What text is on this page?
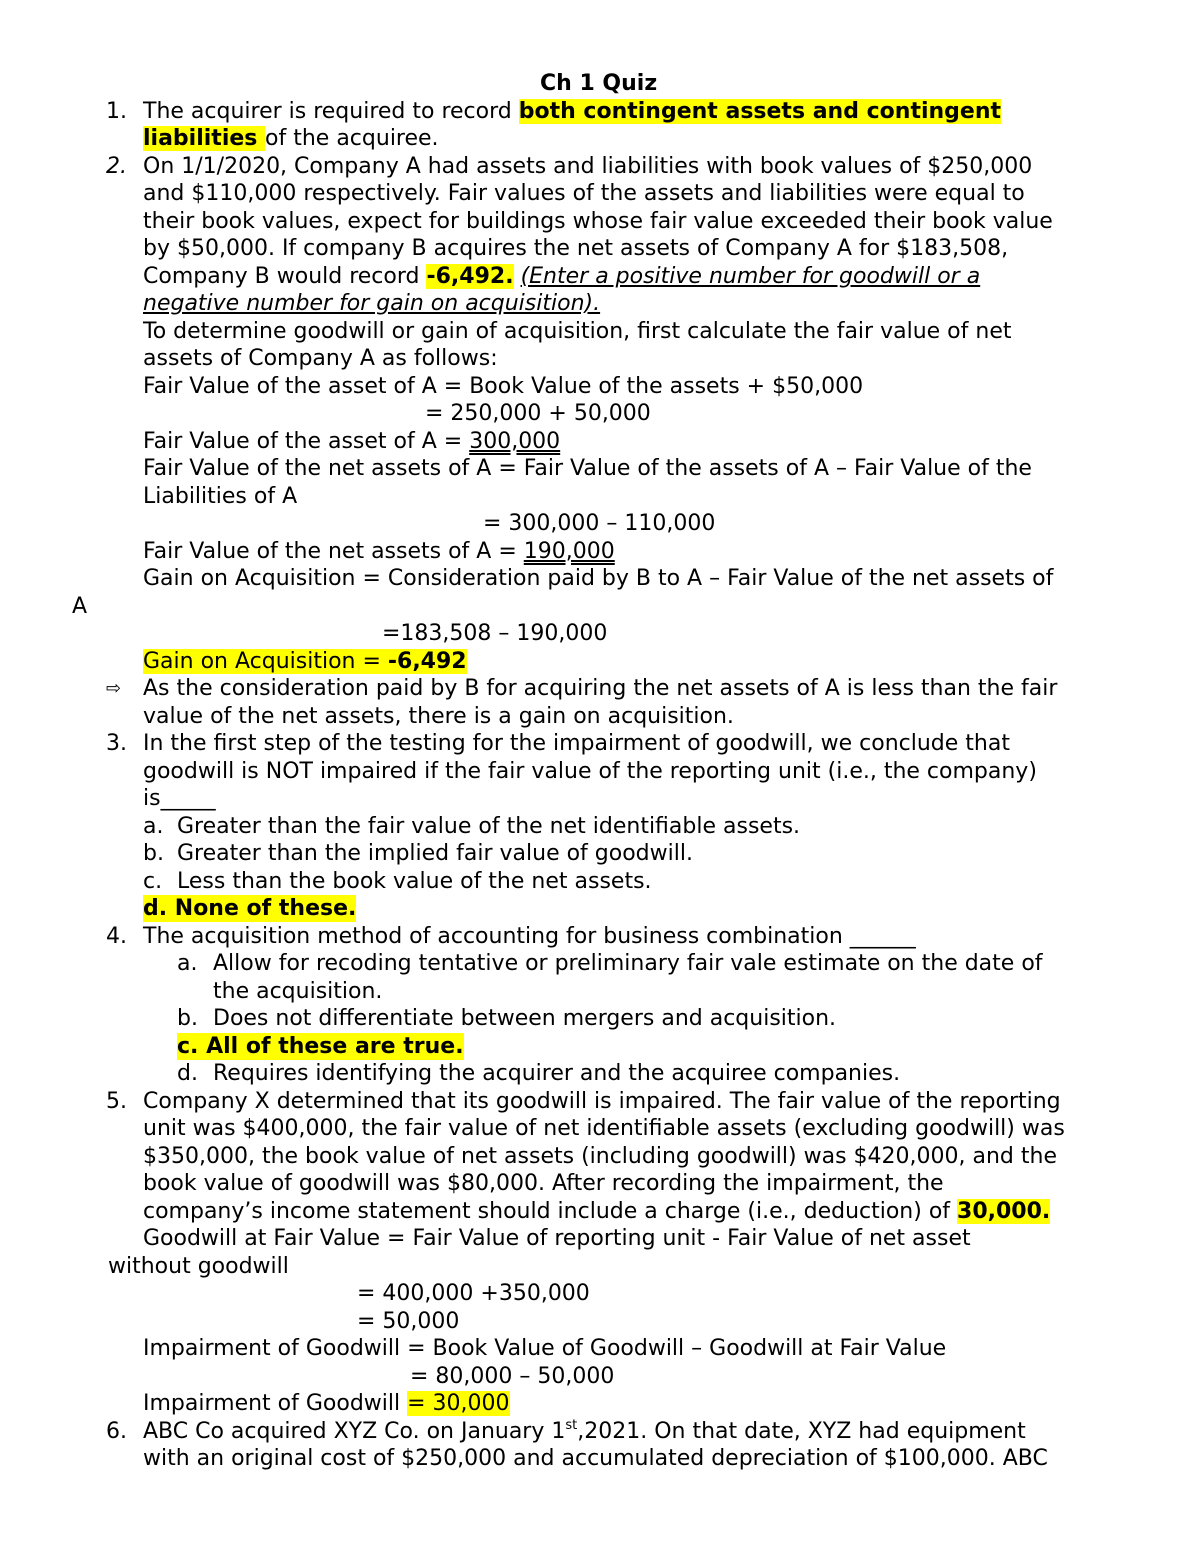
Ch 1 Quiz
1. The acquirer is required to record both contingent assets and contingent
liabilities of the acquiree.
2. On 1/1/2020, Company A had assets and liabilities with book values of $250,000
and $110,000 respectively. Fair values of the assets and liabilities were equal to
their book values, expect for buildings whose fair value exceeded their book value
by $50,000. If company B acquires the net assets of Company A for $183,508,
Company B would record -6,492. (Enter a positive number for goodwill or a
negative number for gain on acquisition).
To determine goodwill or gain of acquisition, first calculate the fair value of net
assets of Company A as follows:
Fair Value of the asset of A = Book Value of the assets + $50,000
= 250,000 + 50,000
Fair Value of the asset of A = 300,000
Fair Value of the net assets of A = Fair Value of the assets of A – Fair Value of the
Liabilities of A
= 300,000 – 110,000
Fair Value of the net assets of A = 190,000
Gain on Acquisition = Consideration paid by B to A – Fair Value of the net assets of
A
=183,508 – 190,000
Gain on Acquisition = -6,492
⇨ As the consideration paid by B for acquiring the net assets of A is less than the fair
value of the net assets, there is a gain on acquisition.
3. In the first step of the testing for the impairment of goodwill, we conclude that
goodwill is NOT impaired if the fair value of the reporting unit (i.e., the company)
is_____
a. Greater than the fair value of the net identifiable assets.
b. Greater than the implied fair value of goodwill.
c. Less than the book value of the net assets.
d. None of these.
4. The acquisition method of accounting for business combination ______
a. Allow for recoding tentative or preliminary fair vale estimate on the date of
the acquisition.
b. Does not differentiate between mergers and acquisition.
c. All of these are true.
d. Requires identifying the acquirer and the acquiree companies.
5. Company X determined that its goodwill is impaired. The fair value of the reporting
unit was $400,000, the fair value of net identifiable assets (excluding goodwill) was
$350,000, the book value of net assets (including goodwill) was $420,000, and the
book value of goodwill was $80,000. After recording the impairment, the
company’s income statement should include a charge (i.e., deduction) of 30,000.
Goodwill at Fair Value = Fair Value of reporting unit - Fair Value of net asset
without goodwill
= 400,000 +350,000
= 50,000
Impairment of Goodwill = Book Value of Goodwill – Goodwill at Fair Value
= 80,000 – 50,000
Impairment of Goodwill = 30,000
6. ABC Co acquired XYZ Co. on January 1st,2021. On that date, XYZ had equipment
with an original cost of $250,000 and accumulated depreciation of $100,000. ABC
